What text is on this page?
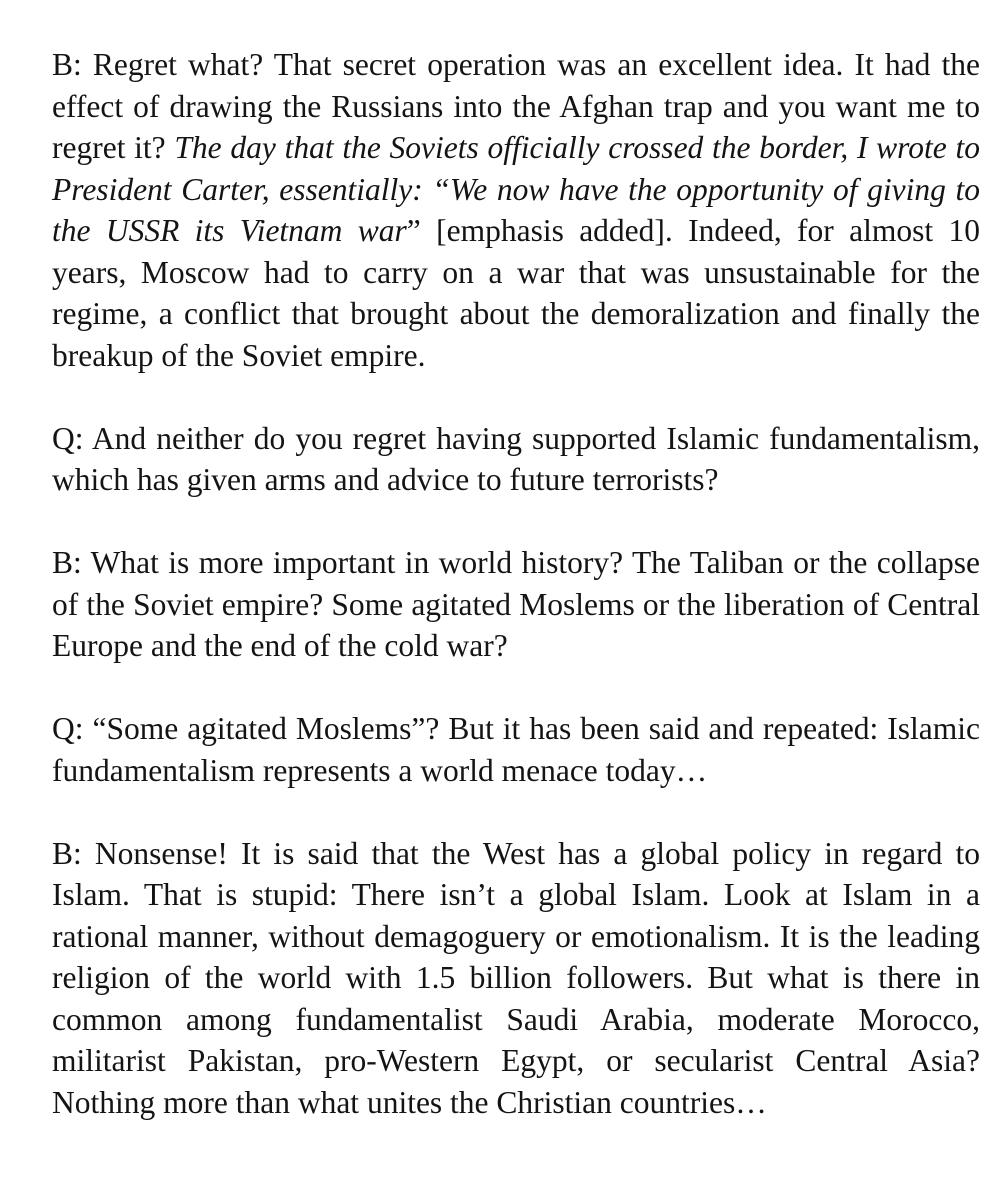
B: Regret what? That secret operation was an excellent idea. It had the effect of drawing the Russians into the Afghan trap and you want me to regret it? The day that the Soviets officially crossed the border, I wrote to President Carter, essentially: “We now have the opportunity of giving to the USSR its Vietnam war” [emphasis added]. Indeed, for almost 10 years, Moscow had to carry on a war that was unsustainable for the regime, a conflict that brought about the demoralization and finally the breakup of the Soviet empire.

Q: And neither do you regret having supported Islamic fundamentalism, which has given arms and advice to future terrorists?

B: What is more important in world history? The Taliban or the collapse of the Soviet empire? Some agitated Moslems or the liberation of Central Europe and the end of the cold war?

Q: “Some agitated Moslems”? But it has been said and repeated: Islamic fundamentalism represents a world menace today…

B: Nonsense! It is said that the West has a global policy in regard to Islam. That is stupid: There isn’t a global Islam. Look at Islam in a rational manner, without demagoguery or emotionalism. It is the leading religion of the world with 1.5 billion followers. But what is there in common among fundamentalist Saudi Arabia, moderate Morocco, militarist Pakistan, pro-Western Egypt, or secularist Central Asia? Nothing more than what unites the Christian countries…
